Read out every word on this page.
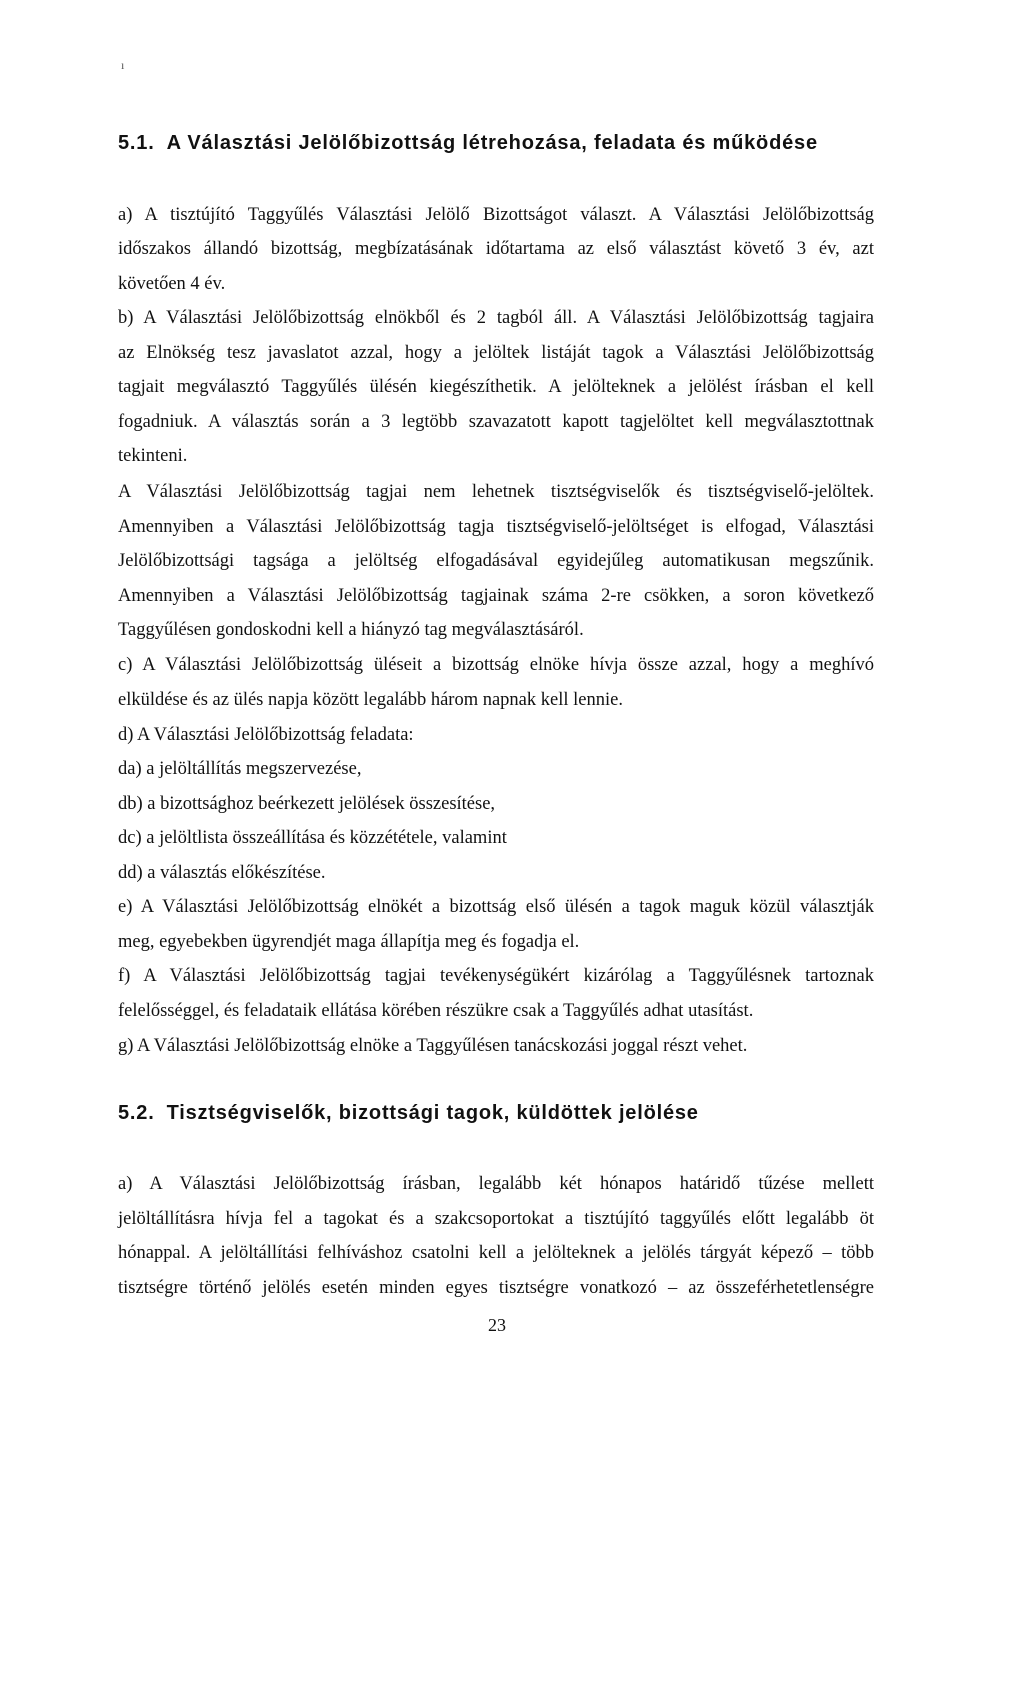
ı
5.1. A Választási Jelölőbizottság létrehozása, feladata és működése

a) A tisztújító Taggyűlés Választási Jelölő Bizottságot választ. A Választási Jelölőbizottság

időszakos állandó bizottság, megbízatásának időtartama az első választást követő 3 év, azt

követően 4 év.

b) A Választási Jelölőbizottság elnökből és 2 tagból áll. A Választási Jelölőbizottság tagjaira

az Elnökség tesz javaslatot azzal, hogy a jelöltek listáját tagok a Választási Jelölőbizottság

tagjait megválasztó Taggyűlés ülésén kiegészíthetik. A jelölteknek a jelölést írásban el kell

fogadniuk. A választás során a 3 legtöbb szavazatott kapott tagjelöltet kell megválasztottnak

tekinteni.

A Választási Jelölőbizottság tagjai nem lehetnek tisztségviselők és tisztségviselő-jelöltek.

Amennyiben a Választási Jelölőbizottság tagja tisztségviselő-jelöltséget is elfogad, Választási

Jelölőbizottsági tagsága a jelöltség elfogadásával egyidejűleg automatikusan megszűnik.

Amennyiben a Választási Jelölőbizottság tagjainak száma 2-re csökken, a soron következő

Taggyűlésen gondoskodni kell a hiányzó tag megválasztásáról.

c) A Választási Jelölőbizottság üléseit a bizottság elnöke hívja össze azzal, hogy a meghívó

elküldése és az ülés napja között legalább három napnak kell lennie.

d) A Választási Jelölőbizottság feladata:

da) a jelöltállítás megszervezése,

db) a bizottsághoz beérkezett jelölések összesítése,

dc) a jelöltlista összeállítása és közzététele, valamint

dd) a választás előkészítése.

e) A Választási Jelölőbizottság elnökét a bizottság első ülésén a tagok maguk közül választják

meg, egyebekben ügyrendjét maga állapítja meg és fogadja el.

f) A Választási Jelölőbizottság tagjai tevékenységükért kizárólag a Taggyűlésnek tartoznak

felelősséggel, és feladataik ellátása körében részükre csak a Taggyűlés adhat utasítást.

g) A Választási Jelölőbizottság elnöke a Taggyűlésen tanácskozási joggal részt vehet.

5.2. Tisztségviselők, bizottsági tagok, küldöttek jelölése

a) A Választási Jelölőbizottság írásban, legalább két hónapos határidő tűzése mellett

jelöltállításra hívja fel a tagokat és a szakcsoportokat a tisztújító taggyűlés előtt legalább öt

hónappal. A jelöltállítási felhíváshoz csatolni kell a jelölteknek a jelölés tárgyát képező – több

tisztségre történő jelölés esetén minden egyes tisztségre vonatkozó – az összeférhetetlenségre

23
